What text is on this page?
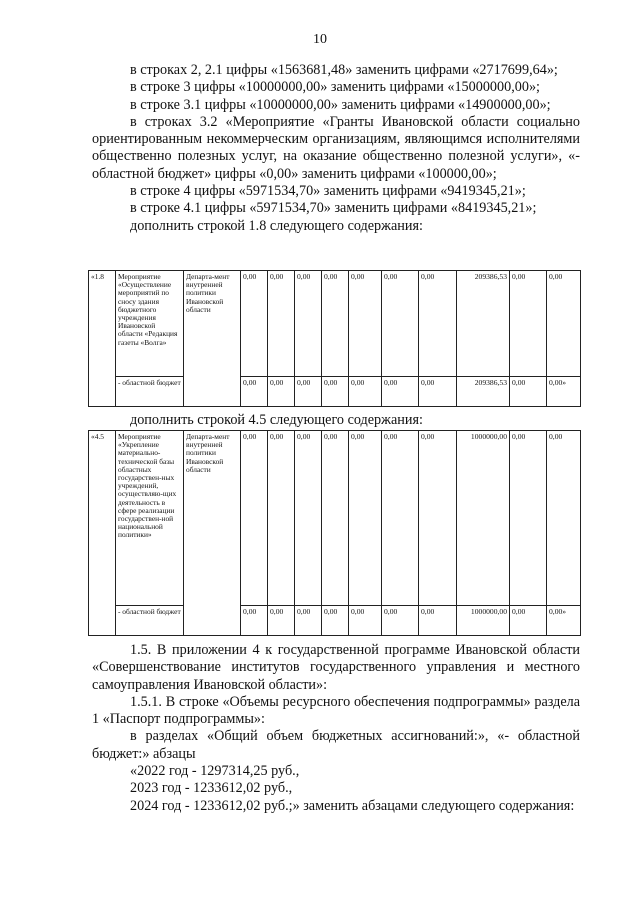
10

в строках 2, 2.1 цифры «1563681,48» заменить цифрами «2717699,64»;

в строке 3 цифры «10000000,00» заменить цифрами «15000000,00»;

в строке 3.1 цифры «10000000,00» заменить цифрами «14900000,00»;

в строках 3.2 «Мероприятие «Гранты Ивановской области социально ориентированным некоммерческим организациям, являющимся исполнителями общественно полезных услуг, на оказание общественно полезной услуги», «- областной бюджет» цифры «0,00» заменить цифрами «100000,00»;

в строке 4 цифры «5971534,70» заменить цифрами «9419345,21»;

в строке 4.1 цифры «5971534,70» заменить цифрами «8419345,21»;

дополнить строкой 1.8 следующего содержания:

«1.8	Мероприятие «Осуществление мероприятий по сносу здания бюджетного учреждения Ивановской области «Редакция газеты «Волга»	Департа-мент внутренней политики Ивановской области	0,00	0,00	0,00	0,00	0,00	0,00	0,00	209386,53	0,00	0,00
	- областной бюджет		0,00	0,00	0,00	0,00	0,00	0,00	0,00	209386,53	0,00	0,00»

дополнить строкой 4.5 следующего содержания:

«4.5	Мероприятие «Укрепление материально-технической базы областных государствен-ных учреждений, осуществляю-щих деятельность в сфере реализации государствен-ной национальной политики»	Департа-мент внутренней политики Ивановской области	0,00	0,00	0,00	0,00	0,00	0,00	0,00	1000000,00	0,00	0,00
	- областной бюджет		0,00	0,00	0,00	0,00	0,00	0,00	0,00	1000000,00	0,00	0,00»

1.5. В приложении 4 к государственной программе Ивановской области «Совершенствование институтов государственного управления и местного самоуправления Ивановской области»:

1.5.1. В строке «Объемы ресурсного обеспечения подпрограммы» раздела 1 «Паспорт подпрограммы»:

в разделах «Общий объем бюджетных ассигнований:», «- областной бюджет:» абзацы

«2022 год - 1297314,25 руб.,

2023 год - 1233612,02 руб.,

2024 год - 1233612,02 руб.;» заменить абзацами следующего содержания:
